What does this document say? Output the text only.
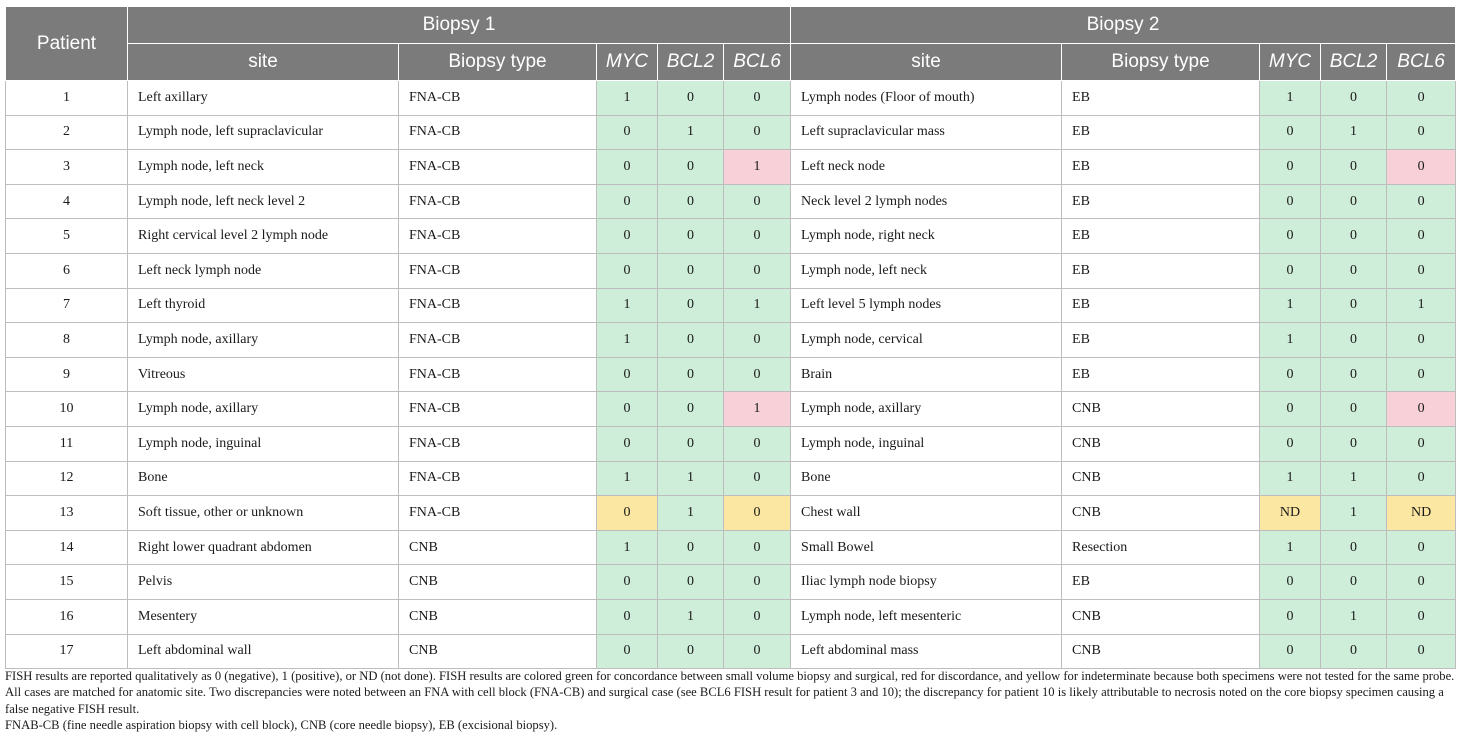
Patient	Biopsy 1					Biopsy 2				
	site	Biopsy type	MYC	BCL2	BCL6	site	Biopsy type	MYC	BCL2	BCL6
1	Left axillary	FNA-CB	1	0	0	Lymph nodes (Floor of mouth)	EB	1	0	0
2	Lymph node, left supraclavicular	FNA-CB	0	1	0	Left supraclavicular mass	EB	0	1	0
3	Lymph node, left neck	FNA-CB	0	0	1	Left neck node	EB	0	0	0
4	Lymph node, left neck level 2	FNA-CB	0	0	0	Neck level 2 lymph nodes	EB	0	0	0
5	Right cervical level 2 lymph node	FNA-CB	0	0	0	Lymph node, right neck	EB	0	0	0
6	Left neck lymph node	FNA-CB	0	0	0	Lymph node, left neck	EB	0	0	0
7	Left thyroid	FNA-CB	1	0	1	Left level 5 lymph nodes	EB	1	0	1
8	Lymph node, axillary	FNA-CB	1	0	0	Lymph node, cervical	EB	1	0	0
9	Vitreous	FNA-CB	0	0	0	Brain	EB	0	0	0
10	Lymph node, axillary	FNA-CB	0	0	1	Lymph node, axillary	CNB	0	0	0
11	Lymph node, inguinal	FNA-CB	0	0	0	Lymph node, inguinal	CNB	0	0	0
12	Bone	FNA-CB	1	1	0	Bone	CNB	1	1	0
13	Soft tissue, other or unknown	FNA-CB	0	1	0	Chest wall	CNB	ND	1	ND
14	Right lower quadrant abdomen	CNB	1	0	0	Small Bowel	Resection	1	0	0
15	Pelvis	CNB	0	0	0	Iliac lymph node biopsy	EB	0	0	0
16	Mesentery	CNB	0	1	0	Lymph node, left mesenteric	CNB	0	1	0
17	Left abdominal wall	CNB	0	0	0	Left abdominal mass	CNB	0	0	0

FISH results are reported qualitatively as 0 (negative), 1 (positive), or ND (not done). FISH results are colored green for concordance between small volume biopsy and surgical, red for discordance, and yellow for indeterminate because both specimens were not tested for the same probe. All cases are matched for anatomic site. Two discrepancies were noted between an FNA with cell block (FNA-CB) and surgical case (see BCL6 FISH result for patient 3 and 10); the discrepancy for patient 10 is likely attributable to necrosis noted on the core biopsy specimen causing a false negative FISH result.

FNAB-CB (fine needle aspiration biopsy with cell block), CNB (core needle biopsy), EB (excisional biopsy).
